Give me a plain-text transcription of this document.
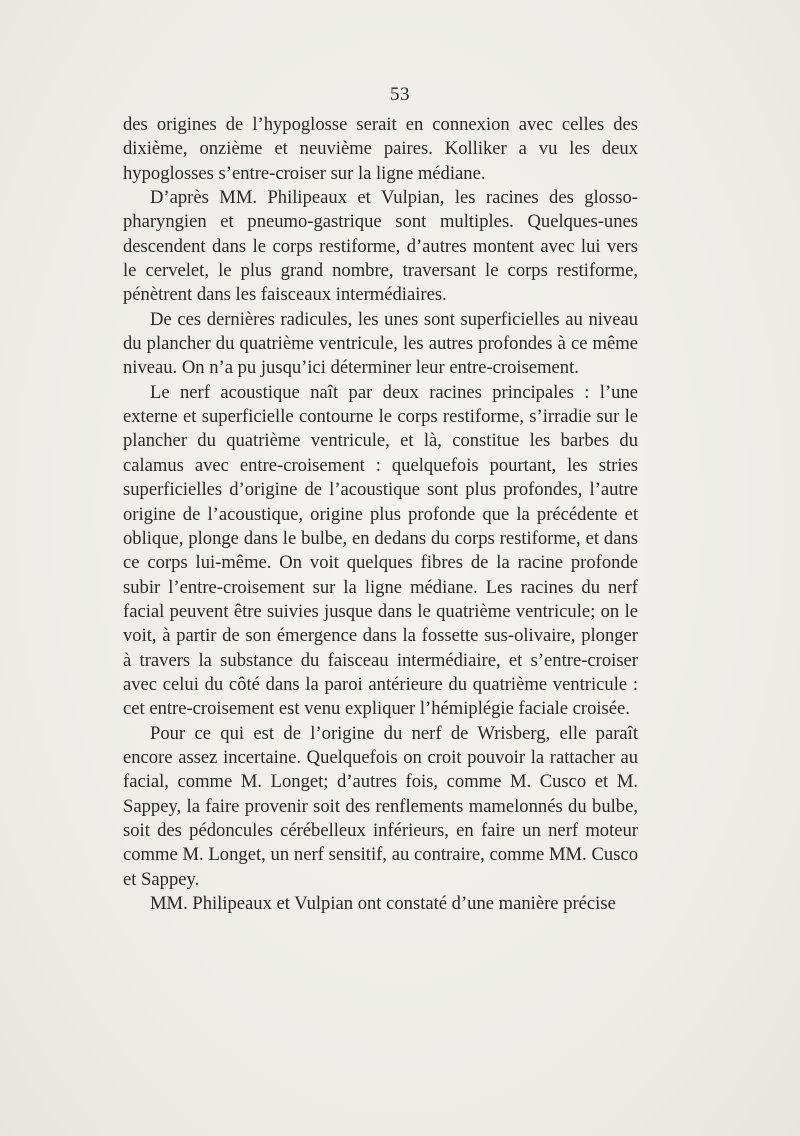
53

des origines de l’hypoglosse serait en connexion avec celles des dixième, onzième et neuvième paires. Kolliker a vu les deux hypoglosses s’entre-croiser sur la ligne médiane.

D’après MM. Philipeaux et Vulpian, les racines des glosso-pharyngien et pneumo-gastrique sont multiples. Quelques-unes descendent dans le corps restiforme, d’autres montent avec lui vers le cervelet, le plus grand nombre, traversant le corps restiforme, pénètrent dans les faisceaux intermédiaires.

De ces dernières radicules, les unes sont superficielles au niveau du plancher du quatrième ventricule, les autres profondes à ce même niveau. On n’a pu jusqu’ici déterminer leur entre-croisement.

Le nerf acoustique naît par deux racines principales : l’une externe et superficielle contourne le corps restiforme, s’irradie sur le plancher du quatrième ventricule, et là, constitue les barbes du calamus avec entre-croisement : quelquefois pourtant, les stries superficielles d’origine de l’acoustique sont plus profondes, l’autre origine de l’acoustique, origine plus profonde que la précédente et oblique, plonge dans le bulbe, en dedans du corps restiforme, et dans ce corps lui-même. On voit quelques fibres de la racine profonde subir l’entre-croisement sur la ligne médiane. Les racines du nerf facial peuvent être suivies jusque dans le quatrième ventricule; on le voit, à partir de son émergence dans la fossette sus-olivaire, plonger à travers la substance du faisceau intermédiaire, et s’entre-croiser avec celui du côté dans la paroi antérieure du quatrième ventricule : cet entre-croisement est venu expliquer l’hémiplégie faciale croisée.

Pour ce qui est de l’origine du nerf de Wrisberg, elle paraît encore assez incertaine. Quelquefois on croit pouvoir la rattacher au facial, comme M. Longet; d’autres fois, comme M. Cusco et M. Sappey, la faire provenir soit des renflements mamelonnés du bulbe, soit des pédoncules cérébelleux inférieurs, en faire un nerf moteur comme M. Longet, un nerf sensitif, au contraire, comme MM. Cusco et Sappey.

MM. Philipeaux et Vulpian ont constaté d’une manière précise
